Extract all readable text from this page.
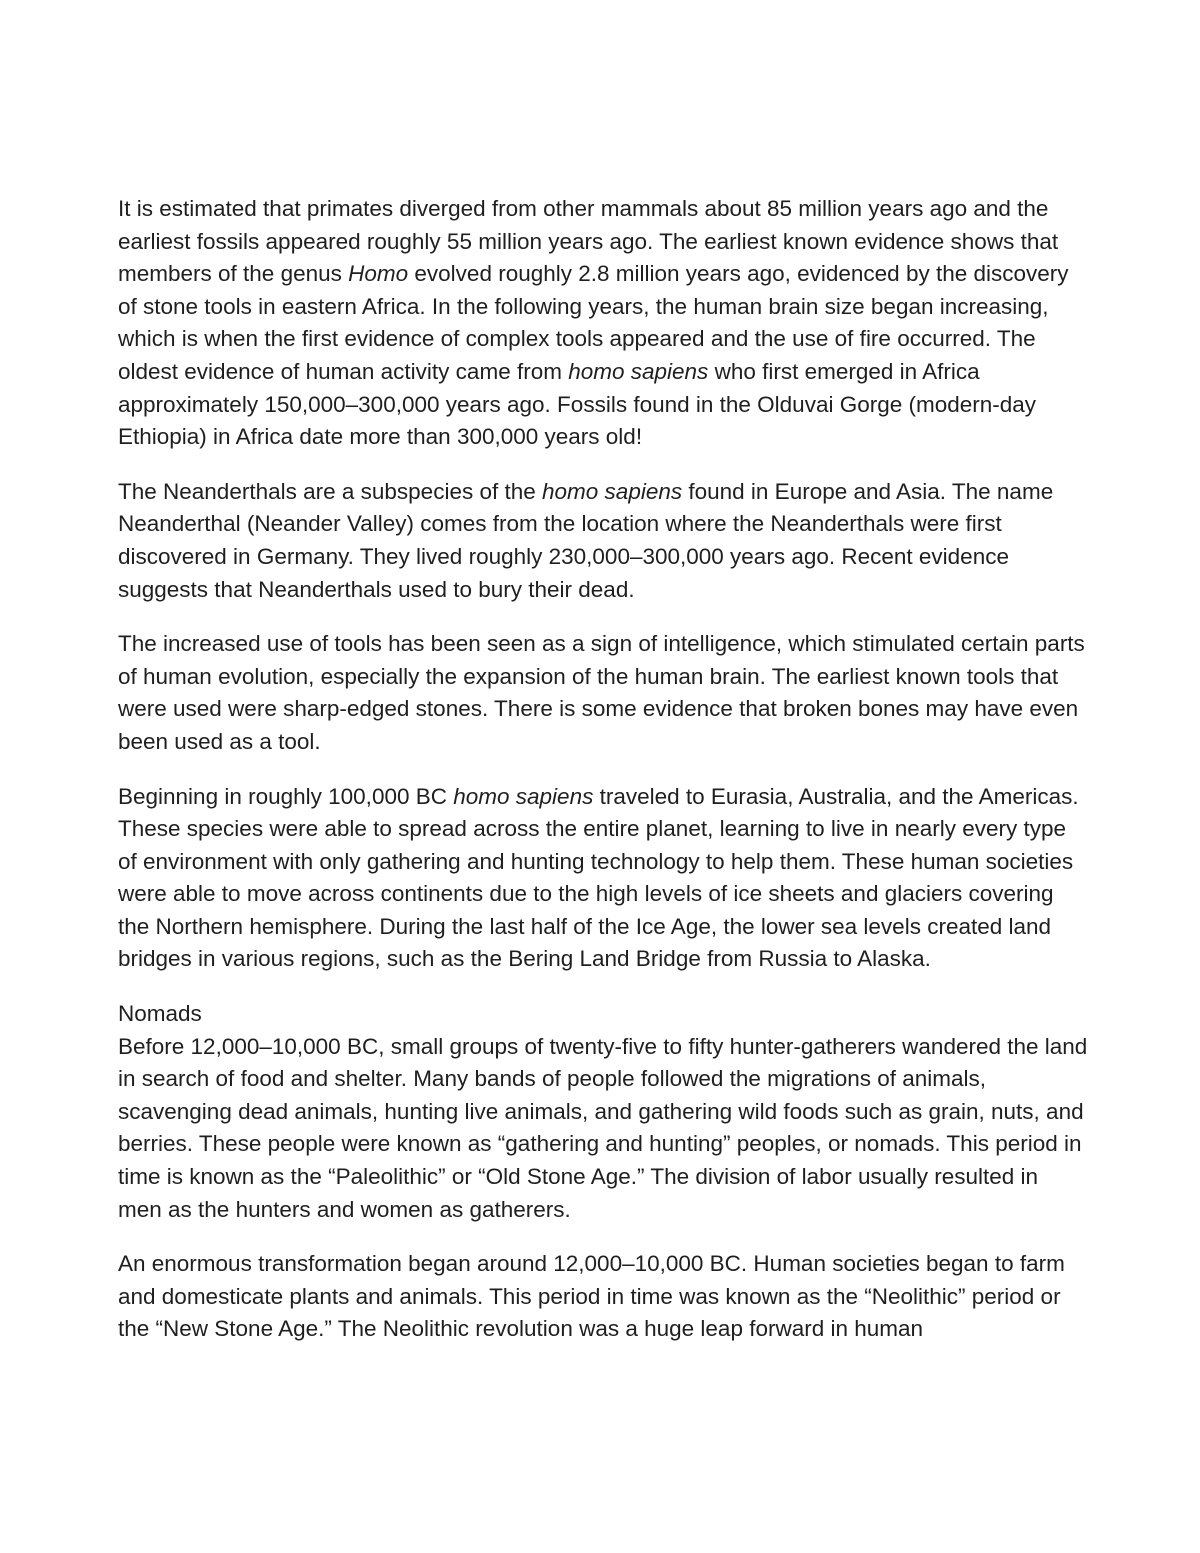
It is estimated that primates diverged from other mammals about 85 million years ago and the earliest fossils appeared roughly 55 million years ago. The earliest known evidence shows that members of the genus Homo evolved roughly 2.8 million years ago, evidenced by the discovery of stone tools in eastern Africa. In the following years, the human brain size began increasing, which is when the first evidence of complex tools appeared and the use of fire occurred. The oldest evidence of human activity came from homo sapiens who first emerged in Africa approximately 150,000–300,000 years ago. Fossils found in the Olduvai Gorge (modern-day Ethiopia) in Africa date more than 300,000 years old!

The Neanderthals are a subspecies of the homo sapiens found in Europe and Asia. The name Neanderthal (Neander Valley) comes from the location where the Neanderthals were first discovered in Germany. They lived roughly 230,000–300,000 years ago. Recent evidence suggests that Neanderthals used to bury their dead.

The increased use of tools has been seen as a sign of intelligence, which stimulated certain parts of human evolution, especially the expansion of the human brain. The earliest known tools that were used were sharp-edged stones. There is some evidence that broken bones may have even been used as a tool.

Beginning in roughly 100,000 BC homo sapiens traveled to Eurasia, Australia, and the Americas. These species were able to spread across the entire planet, learning to live in nearly every type of environment with only gathering and hunting technology to help them. These human societies were able to move across continents due to the high levels of ice sheets and glaciers covering the Northern hemisphere. During the last half of the Ice Age, the lower sea levels created land bridges in various regions, such as the Bering Land Bridge from Russia to Alaska.

Nomads

Before 12,000–10,000 BC, small groups of twenty-five to fifty hunter-gatherers wandered the land in search of food and shelter. Many bands of people followed the migrations of animals, scavenging dead animals, hunting live animals, and gathering wild foods such as grain, nuts, and berries. These people were known as “gathering and hunting” peoples, or nomads. This period in time is known as the “Paleolithic” or “Old Stone Age.” The division of labor usually resulted in men as the hunters and women as gatherers.

An enormous transformation began around 12,000–10,000 BC. Human societies began to farm and domesticate plants and animals. This period in time was known as the “Neolithic” period or the “New Stone Age.” The Neolithic revolution was a huge leap forward in human
